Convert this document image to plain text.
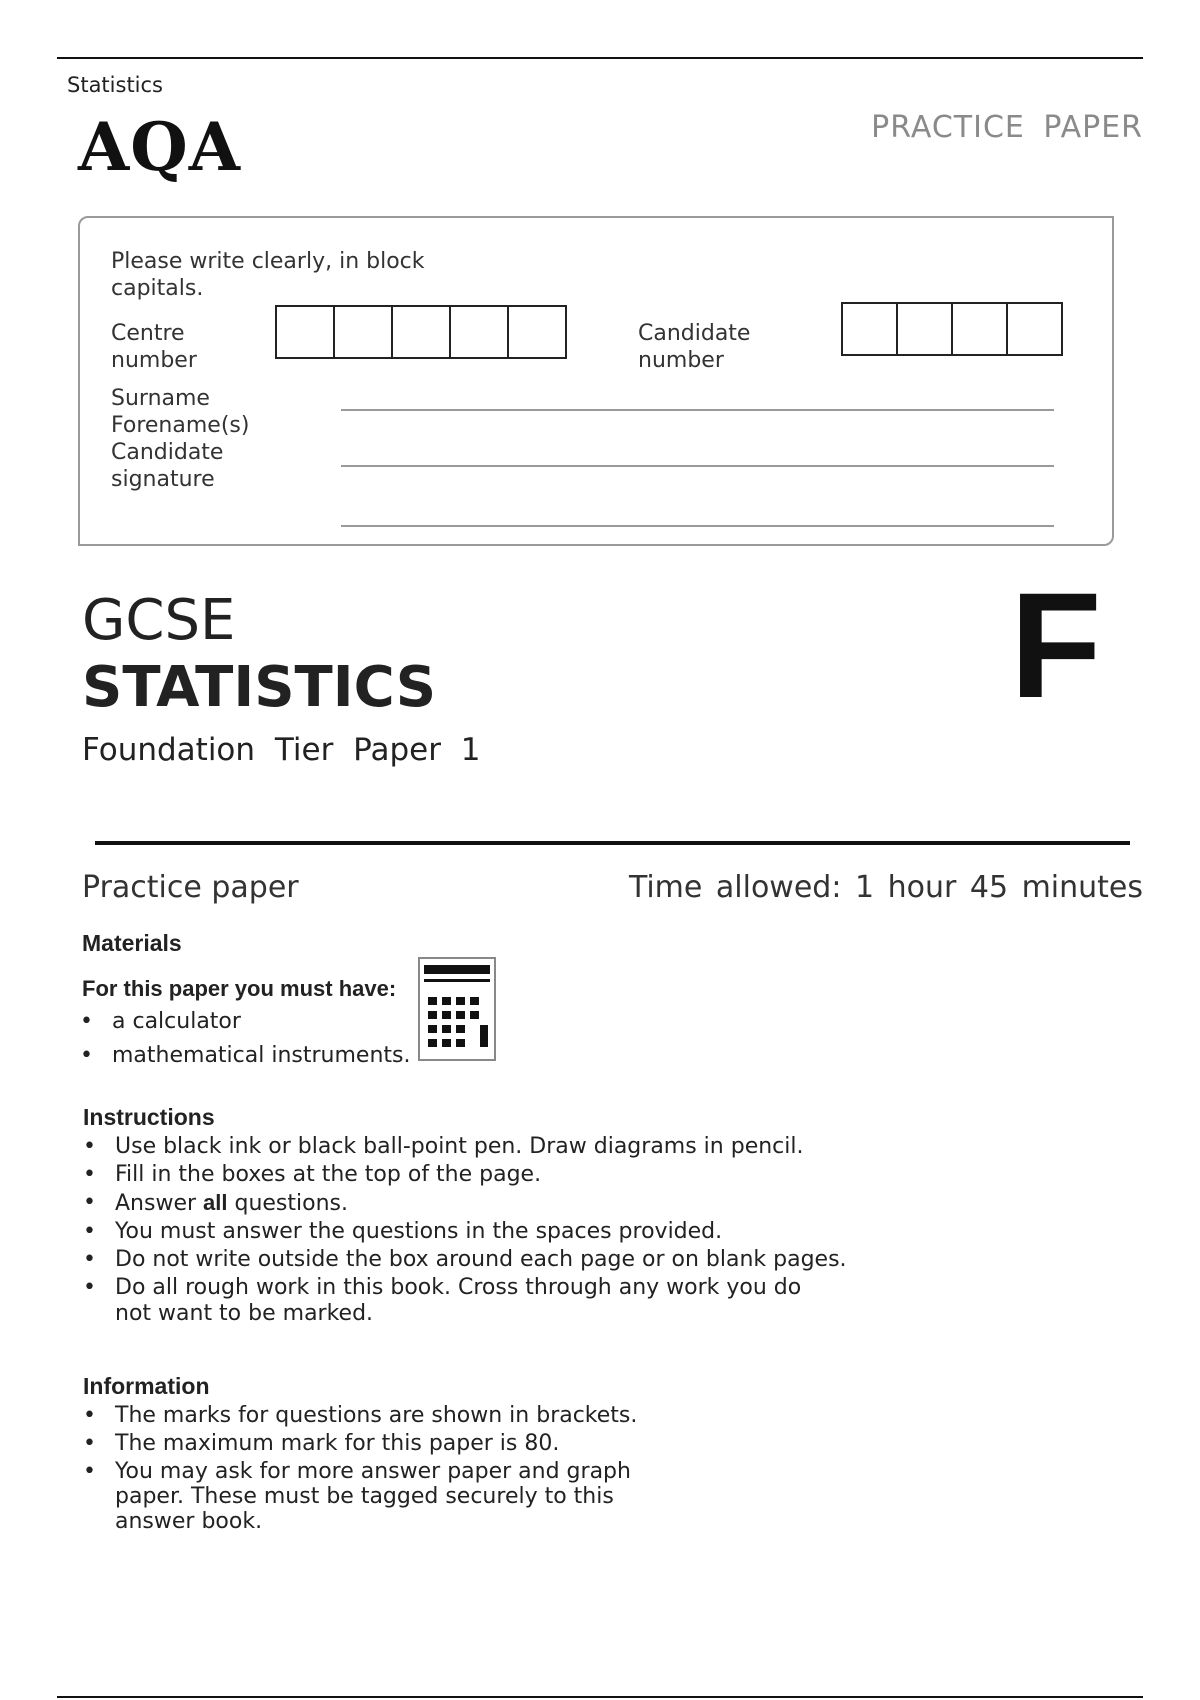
Statistics
AQA	PRACTICE PAPER
Please write clearly, in block capitals.
Centre number
Candidate number
Surname
Forename(s)
Candidate signature
GCSE
STATISTICS
Foundation Tier Paper 1
F
Practice paper	Time allowed: 1 hour 45 minutes
Materials
For this paper you must have:
• a calculator
• mathematical instruments.
Instructions
• Use black ink or black ball-point pen. Draw diagrams in pencil.
• Fill in the boxes at the top of the page.
• Answer all questions.
• You must answer the questions in the spaces provided.
• Do not write outside the box around each page or on blank pages.
• Do all rough work in this book. Cross through any work you do not want to be marked.
Information
• The marks for questions are shown in brackets.
• The maximum mark for this paper is 80.
• You may ask for more answer paper and graph paper. These must be tagged securely to this answer book.
